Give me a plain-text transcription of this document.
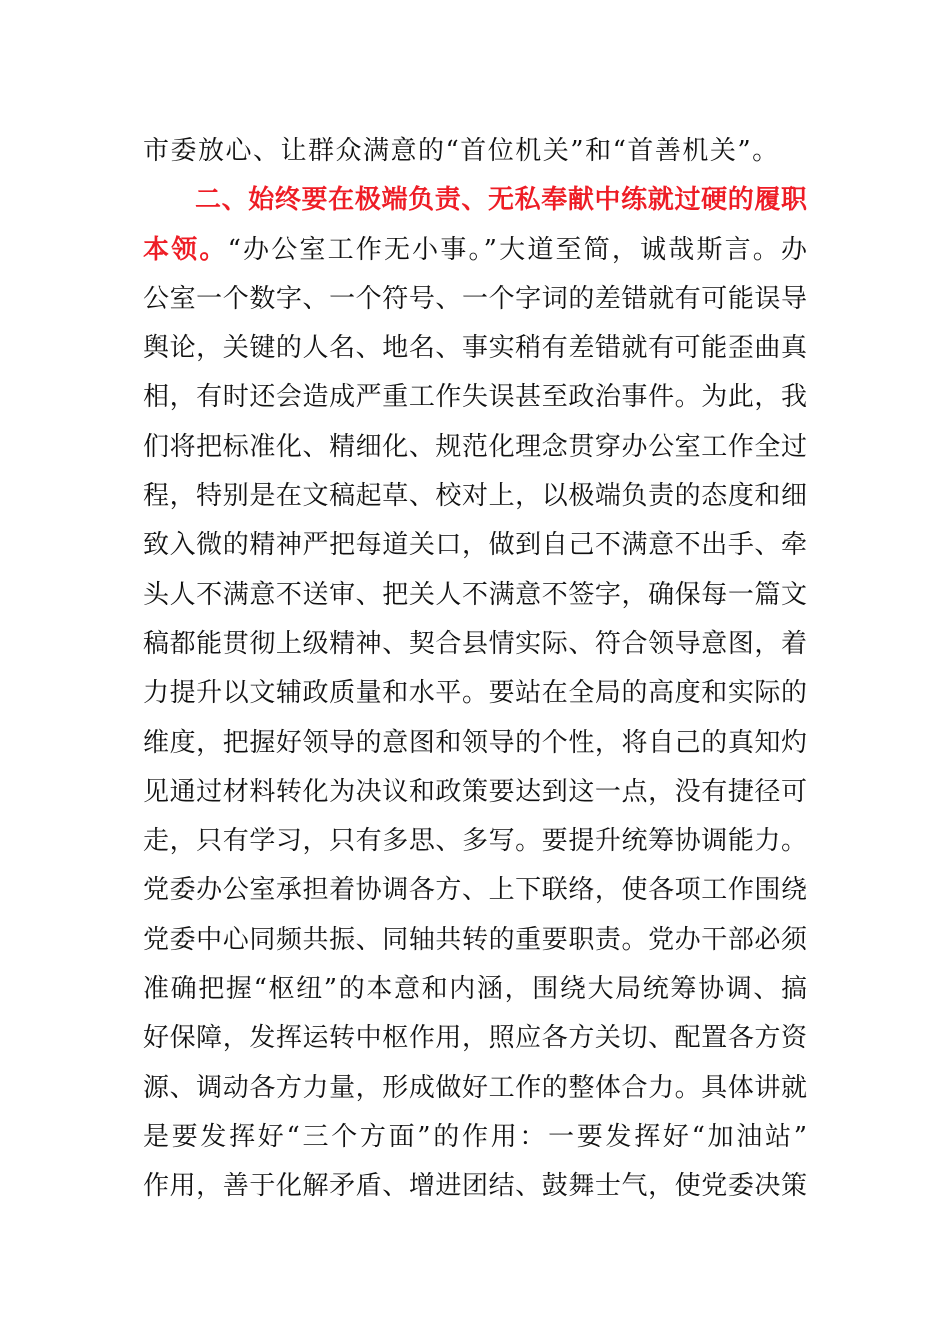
市委放心、让群众满意的“首位机关”和“首善机关”。
二、始终要在极端负责、无私奉献中练就过硬的履职
本领。“办公室工作无小事。”大道至简，诚哉斯言。办
公室一个数字、一个符号、一个字词的差错就有可能误导
舆论，关键的人名、地名、事实稍有差错就有可能歪曲真
相，有时还会造成严重工作失误甚至政治事件。为此，我
们将把标准化、精细化、规范化理念贯穿办公室工作全过
程，特别是在文稿起草、校对上，以极端负责的态度和细
致入微的精神严把每道关口，做到自己不满意不出手、牵
头人不满意不送审、把关人不满意不签字，确保每一篇文
稿都能贯彻上级精神、契合县情实际、符合领导意图，着
力提升以文辅政质量和水平。要站在全局的高度和实际的
维度，把握好领导的意图和领导的个性，将自己的真知灼
见通过材料转化为决议和政策要达到这一点，没有捷径可
走，只有学习，只有多思、多写。要提升统筹协调能力。
党委办公室承担着协调各方、上下联络，使各项工作围绕
党委中心同频共振、同轴共转的重要职责。党办干部必须
准确把握“枢纽”的本意和内涵，围绕大局统筹协调、搞
好保障，发挥运转中枢作用，照应各方关切、配置各方资
源、调动各方力量，形成做好工作的整体合力。具体讲就
是要发挥好“三个方面”的作用：一要发挥好“加油站”
作用，善于化解矛盾、增进团结、鼓舞士气，使党委决策
